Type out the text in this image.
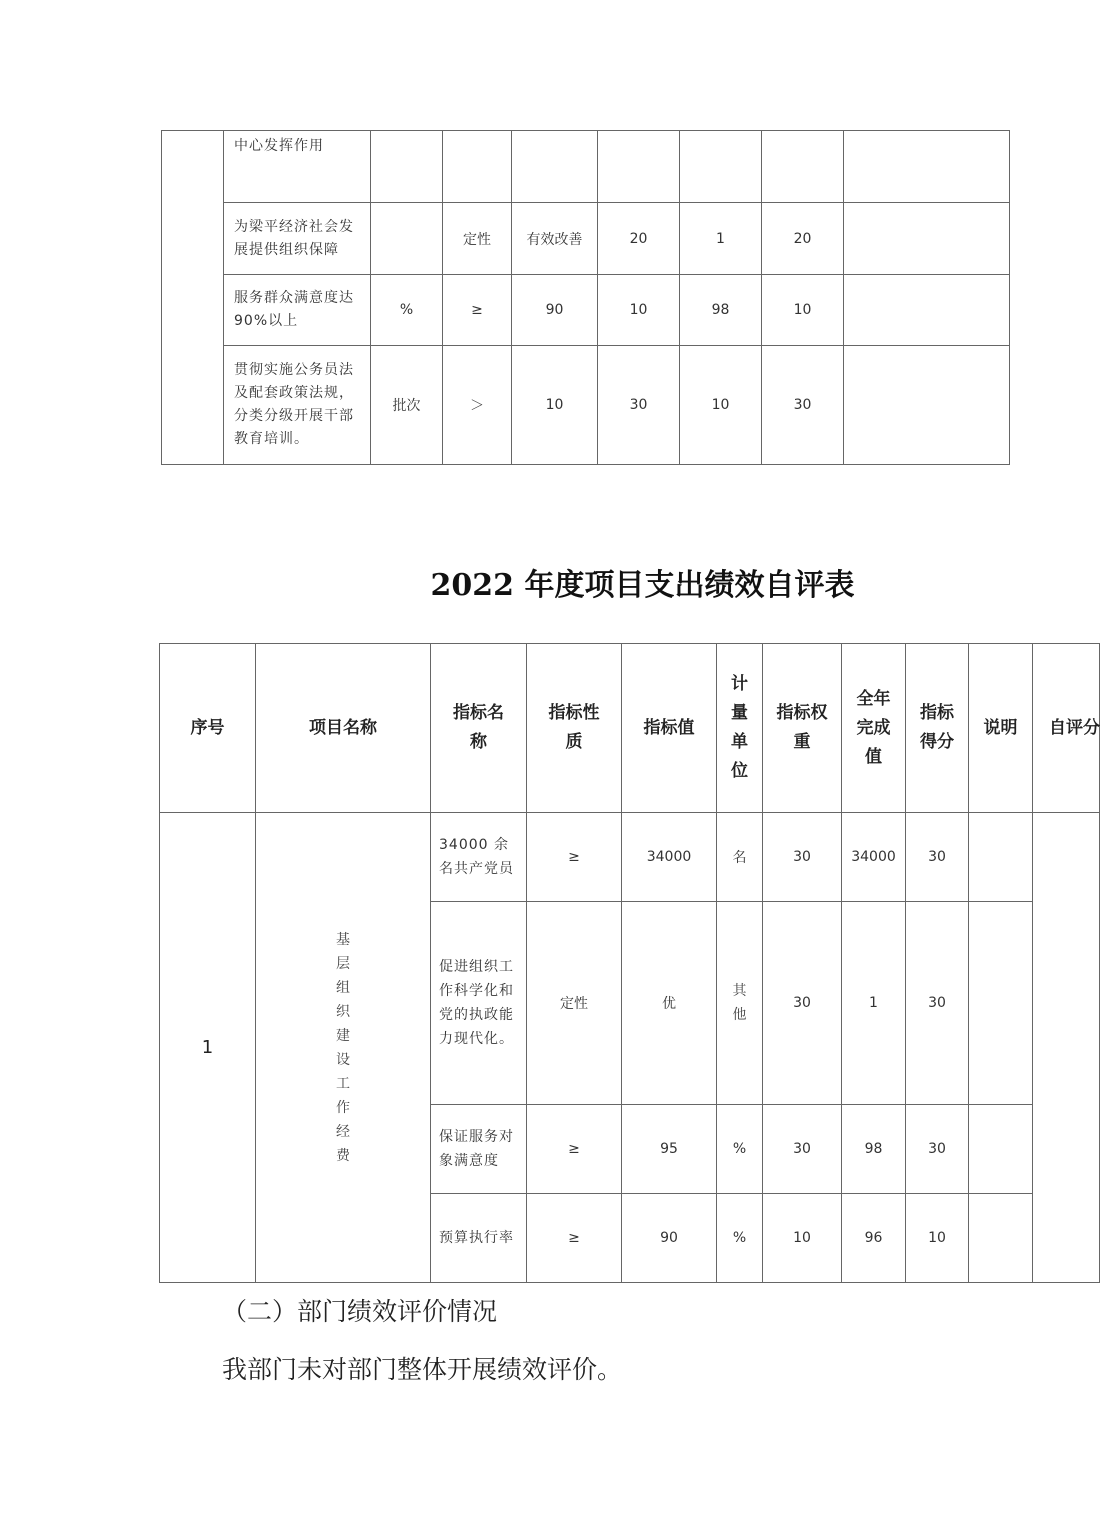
	中心发挥作用							
	为梁平经济社会发展提供组织保障		定性	有效改善	20	1	20	
	服务群众满意度达 90%以上	%	≥	90	10	98	10	
	贯彻实施公务员法及配套政策法规，分类分级开展干部教育培训。	批次	＞	10	30	10	30	
2022 年度项目支出绩效自评表
序号	项目名称	指标名称	指标性质	指标值	计量单位	指标权重	全年完成值	指标得分	说明	自评分
1	基层组织建设工作经费	34000 余名共产党员	≥	34000	名	30	34000	30		
		促进组织工作科学化和党的执政能力现代化。	定性	优	其他	30	1	30		
		保证服务对象满意度	≥	95	%	30	98	30		
		预算执行率	≥	90	%	10	96	10		
（二）部门绩效评价情况
我部门未对部门整体开展绩效评价。
